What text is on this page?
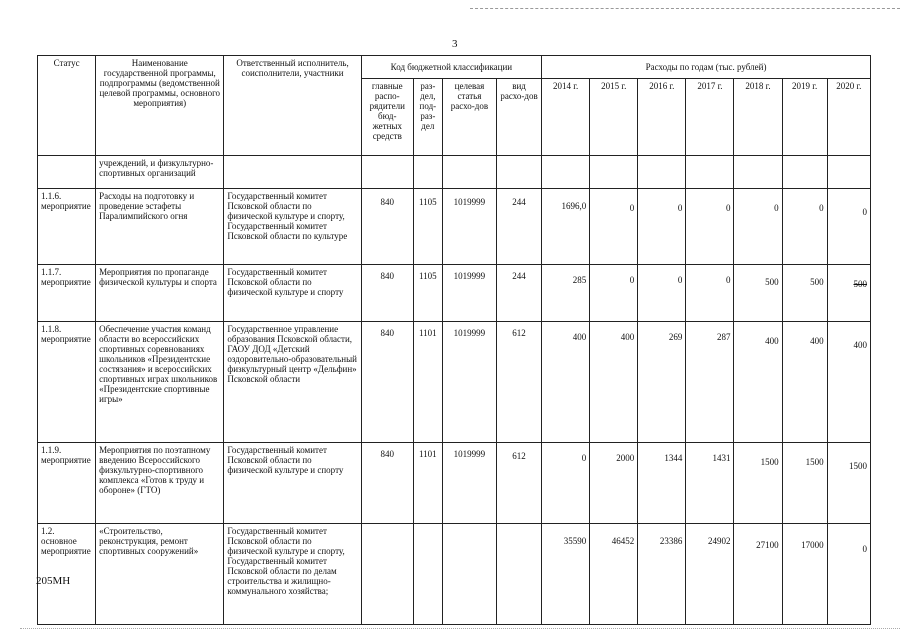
3
Статус	Наименование государственной программы, подпрограммы (ведомственной целевой программы, основного мероприятия)	Ответственный исполнитель, соисполнители, участники	Код бюджетной классификации				Расходы по годам (тыс. рублей)						
			главные распо-рядители бюд-жетных средств	раз-дел, под-раз-дел	целевая статья расхо-дов	вид расхо-дов	2014 г.	2015 г.	2016 г.	2017 г.	2018 г.	2019 г.	2020 г.
	учреждений, и физкультурно-спортивных организаций												
1.1.6. мероприятие	Расходы на подготовку и проведение эстафеты Паралимпийского огня	Государственный комитет Псковской области по физической культуре и спорту, Государственный комитет Псковской области по культуре	840	1105	1019999	244	1696,0	0	0	0	0	0	0
1.1.7. мероприятие	Мероприятия по пропаганде физической культуры и спорта	Государственный комитет Псковской области по физической культуре и спорту	840	1105	1019999	244	285	0	0	0	500	500	500
1.1.8. мероприятие	Обеспечение участия команд области во всероссийских спортивных соревнованиях школьников «Президентские состязания» и всероссийских спортивных играх школьников «Президентские спортивные игры»	Государственное управление образования Псковской области, ГАОУ ДОД «Детский оздоровительно-образовательный физкультурный центр «Дельфин» Псковской области	840	1101	1019999	612	400	400	269	287	400	400	400
1.1.9. мероприятие	Мероприятия по поэтапному введению Всероссийского физкультурно-спортивного комплекса «Готов к труду и обороне» (ГТО)	Государственный комитет Псковской области по физической культуре и спорту	840	1101	1019999	612	0	2000	1344	1431	1500	1500	1500
1.2. основное мероприятие	«Строительство, реконструкция, ремонт спортивных сооружений»	Государственный комитет Псковской области по физической культуре и спорту, Государственный комитет Псковской области по делам строительства и жилищно-коммунального хозяйства;					35590	46452	23386	24902	27100	17000	0
205МН
